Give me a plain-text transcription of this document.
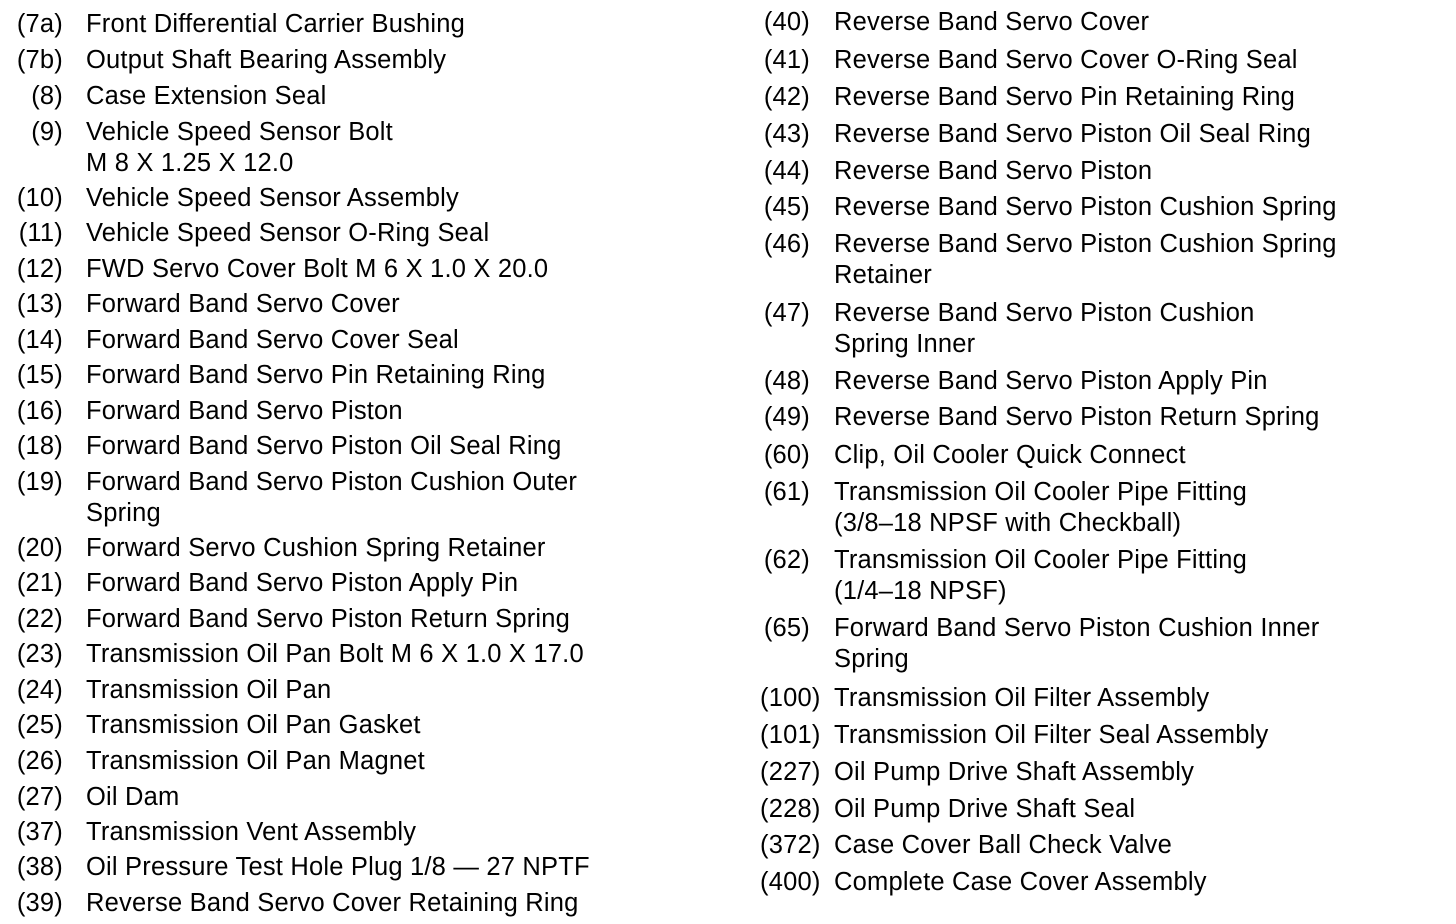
(7a) Front Differential Carrier Bushing
(7b) Output Shaft Bearing Assembly
(8) Case Extension Seal
(9) Vehicle Speed Sensor Bolt
M 8 X 1.25 X 12.0
(10) Vehicle Speed Sensor Assembly
(11) Vehicle Speed Sensor O-Ring Seal
(12) FWD Servo Cover Bolt M 6 X 1.0 X 20.0
(13) Forward Band Servo Cover
(14) Forward Band Servo Cover Seal
(15) Forward Band Servo Pin Retaining Ring
(16) Forward Band Servo Piston
(18) Forward Band Servo Piston Oil Seal Ring
(19) Forward Band Servo Piston Cushion Outer
Spring
(20) Forward Servo Cushion Spring Retainer
(21) Forward Band Servo Piston Apply Pin
(22) Forward Band Servo Piston Return Spring
(23) Transmission Oil Pan Bolt M 6 X 1.0 X 17.0
(24) Transmission Oil Pan
(25) Transmission Oil Pan Gasket
(26) Transmission Oil Pan Magnet
(27) Oil Dam
(37) Transmission Vent Assembly
(38) Oil Pressure Test Hole Plug 1/8 — 27 NPTF
(39) Reverse Band Servo Cover Retaining Ring
(40) Reverse Band Servo Cover
(41) Reverse Band Servo Cover O-Ring Seal
(42) Reverse Band Servo Pin Retaining Ring
(43) Reverse Band Servo Piston Oil Seal Ring
(44) Reverse Band Servo Piston
(45) Reverse Band Servo Piston Cushion Spring
(46) Reverse Band Servo Piston Cushion Spring
Retainer
(47) Reverse Band Servo Piston Cushion
Spring Inner
(48) Reverse Band Servo Piston Apply Pin
(49) Reverse Band Servo Piston Return Spring
(60) Clip, Oil Cooler Quick Connect
(61) Transmission Oil Cooler Pipe Fitting
(3/8–18 NPSF with Checkball)
(62) Transmission Oil Cooler Pipe Fitting
(1/4–18 NPSF)
(65) Forward Band Servo Piston Cushion Inner
Spring
(100) Transmission Oil Filter Assembly
(101) Transmission Oil Filter Seal Assembly
(227) Oil Pump Drive Shaft Assembly
(228) Oil Pump Drive Shaft Seal
(372) Case Cover Ball Check Valve
(400) Complete Case Cover Assembly
